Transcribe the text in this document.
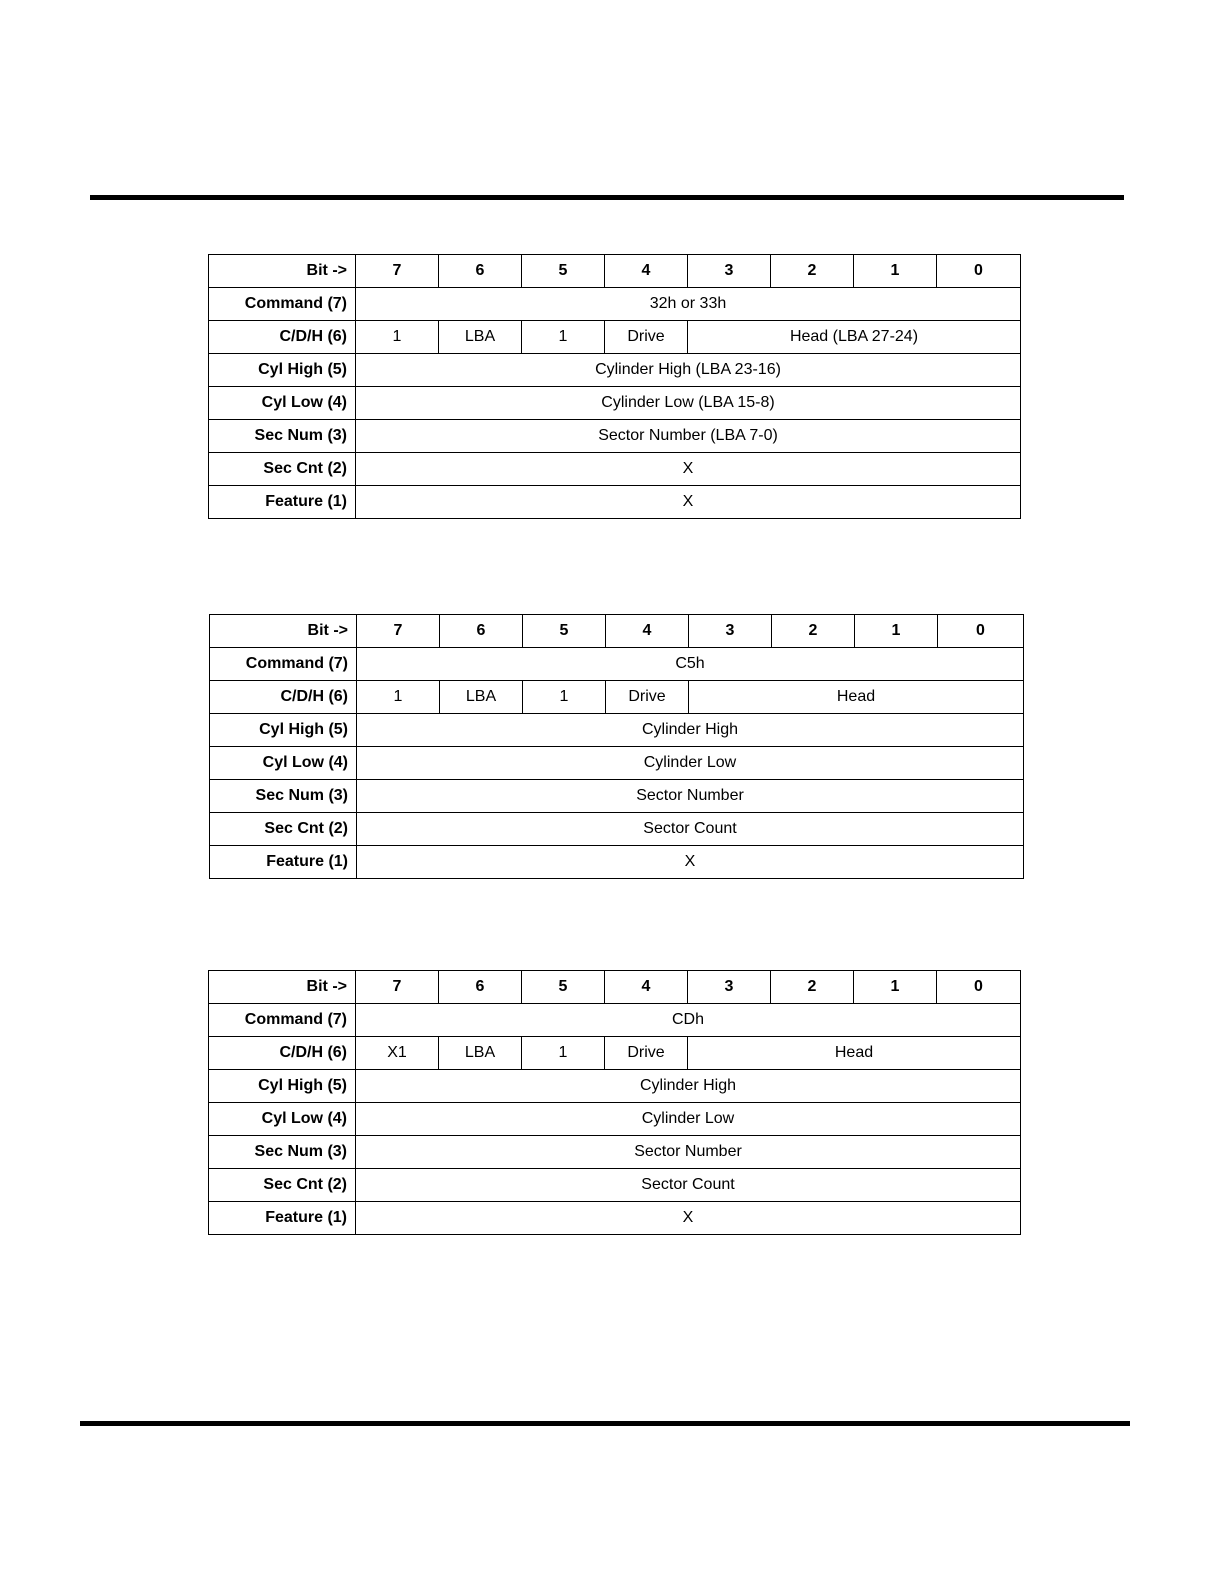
Bit ->	7	6	5	4	3	2	1	0
Command (7)	32h or 33h							
C/D/H (6)	1	LBA	1	Drive	Head (LBA 27-24)			
Cyl High (5)	Cylinder High (LBA 23-16)							
Cyl Low (4)	Cylinder Low (LBA 15-8)							
Sec Num (3)	Sector Number (LBA 7-0)							
Sec Cnt (2)	X							
Feature (1)	X							
Bit ->	7	6	5	4	3	2	1	0
Command (7)	C5h							
C/D/H (6)	1	LBA	1	Drive	Head			
Cyl High (5)	Cylinder High							
Cyl Low (4)	Cylinder Low							
Sec Num (3)	Sector Number							
Sec Cnt (2)	Sector Count							
Feature (1)	X							
Bit ->	7	6	5	4	3	2	1	0
Command (7)	CDh							
C/D/H (6)	X1	LBA	1	Drive	Head			
Cyl High (5)	Cylinder High							
Cyl Low (4)	Cylinder Low							
Sec Num (3)	Sector Number							
Sec Cnt (2)	Sector Count							
Feature (1)	X							
